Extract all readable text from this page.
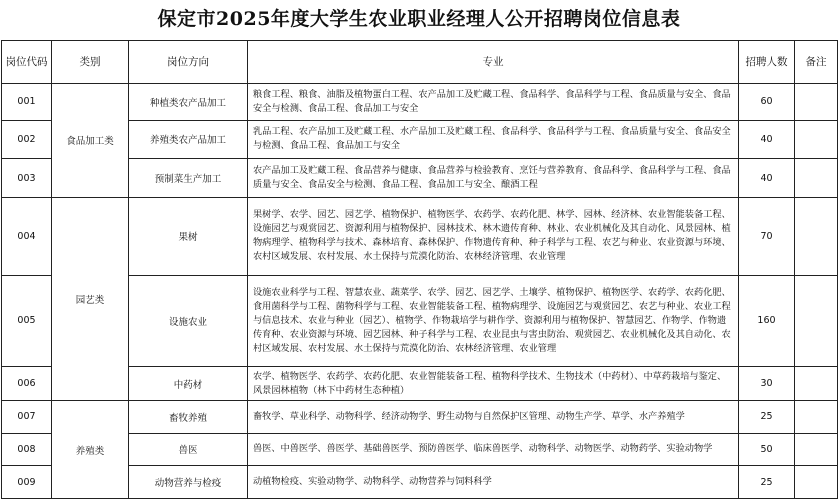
保定市2025年度大学生农业职业经理人公开招聘岗位信息表
岗位代码	类别	岗位方向	专业	招聘人数	备注
001	食品加工类	种植类农产品加工	粮食工程、粮食、油脂及植物蛋白工程、农产品加工及贮藏工程、食品科学、食品科学与工程、食品质量与安全、食品安全与检测、食品工程、食品加工与安全	60	
002		养殖类农产品加工	乳品工程、农产品加工及贮藏工程、水产品加工及贮藏工程、食品科学、食品科学与工程、食品质量与安全、食品安全与检测、食品工程、食品加工与安全	40	
003		预制菜生产加工	农产品加工及贮藏工程、食品营养与健康、食品营养与检验教育、烹饪与营养教育、食品科学、食品科学与工程、食品质量与安全、食品安全与检测、食品工程、食品加工与安全、酿酒工程	40	
004	园艺类	果树	果树学、农学、园艺、园艺学、植物保护、植物医学、农药学、农药化肥、林学、园林、经济林、农业智能装备工程、设施园艺与观赏园艺、资源利用与植物保护、园林技术、林木遗传育种、林业、农业机械化及其自动化、风景园林、植物病理学、植物科学与技术、森林培育、森林保护、作物遗传育种、种子科学与工程、农艺与种业、农业资源与环境、农村区域发展、农村发展、水土保持与荒漠化防治、农林经济管理、农业管理	70	
005		设施农业	设施农业科学与工程、智慧农业、蔬菜学、农学、园艺、园艺学、土壤学、植物保护、植物医学、农药学、农药化肥、食用菌科学与工程、菌物科学与工程、农业智能装备工程、植物病理学、设施园艺与观赏园艺、农艺与种业、农业工程与信息技术、农业与种业（园艺）、植物学、作物栽培学与耕作学、资源利用与植物保护、智慧园艺、作物学、作物遗传育种、农业资源与环境、园艺园林、种子科学与工程、农业昆虫与害虫防治、观赏园艺、农业机械化及其自动化、农村区域发展、农村发展、水土保持与荒漠化防治、农林经济管理、农业管理	160	
006		中药材	农学、植物医学、农药学、农药化肥、农业智能装备工程、植物科学技术、生物技术（中药材）、中草药栽培与鉴定、风景园林植物（林下中药材生态种植）	30	
007	养殖类	畜牧养殖	畜牧学、草业科学、动物科学、经济动物学、野生动物与自然保护区管理、动物生产学、草学、水产养殖学	25	
008		兽医	兽医、中兽医学、兽医学、基础兽医学、预防兽医学、临床兽医学、动物科学、动物医学、动物药学、实验动物学	50	
009		动物营养与检疫	动植物检疫、实验动物学、动物科学、动物营养与饲料科学	25	
